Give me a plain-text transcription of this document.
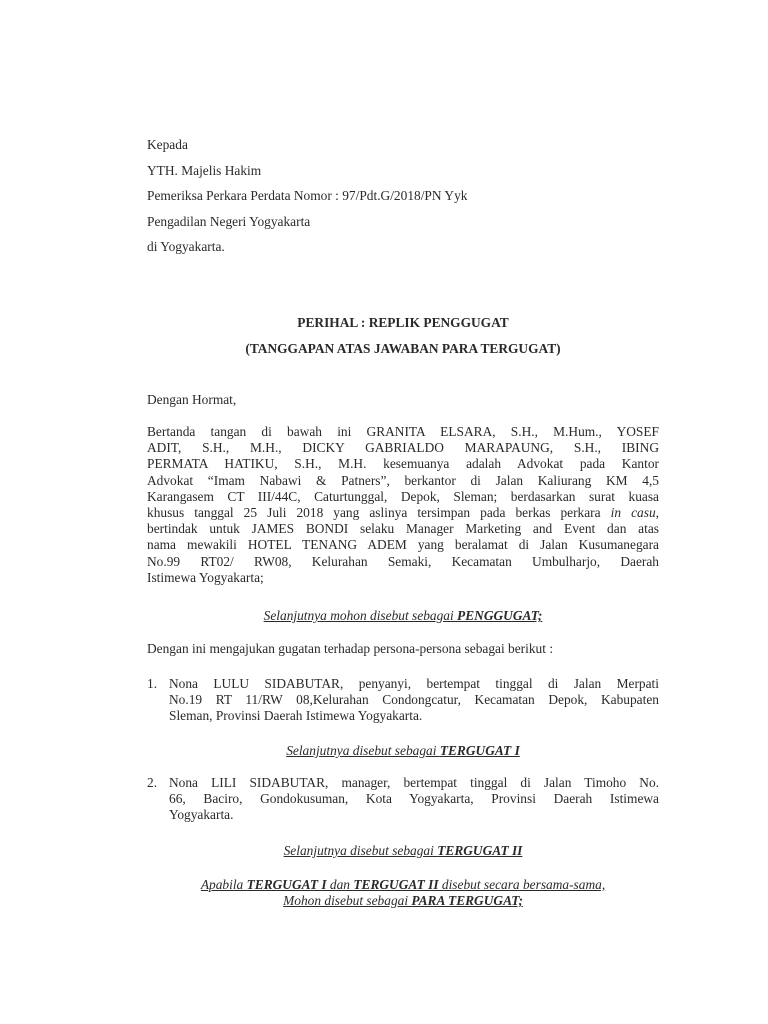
Kepada
YTH. Majelis Hakim
Pemeriksa Perkara Perdata Nomor : 97/Pdt.G/2018/PN Yyk
Pengadilan Negeri Yogyakarta
di Yogyakarta.
PERIHAL : REPLIK PENGGUGAT
(TANGGAPAN ATAS JAWABAN PARA TERGUGAT)
Dengan Hormat,
Bertanda tangan di bawah ini GRANITA ELSARA, S.H., M.Hum., YOSEF
ADIT, S.H., M.H., DICKY GABRIALDO MARAPAUNG, S.H., IBING
PERMATA HATIKU, S.H., M.H. kesemuanya adalah Advokat pada Kantor
Advokat “Imam Nabawi & Patners”, berkantor di Jalan Kaliurang KM 4,5
Karangasem CT III/44C, Caturtunggal, Depok, Sleman; berdasarkan surat kuasa
khusus tanggal 25 Juli 2018 yang aslinya tersimpan pada berkas perkara in casu,
bertindak untuk JAMES BONDI selaku Manager Marketing and Event dan atas
nama mewakili HOTEL TENANG ADEM yang beralamat di Jalan Kusumanegara
No.99 RT02/ RW08, Kelurahan Semaki, Kecamatan Umbulharjo, Daerah
Istimewa Yogyakarta;
Selanjutnya mohon disebut sebagai PENGGUGAT;
Dengan ini mengajukan gugatan terhadap persona-persona sebagai berikut :
1. Nona LULU SIDABUTAR, penyanyi, bertempat tinggal di Jalan Merpati
No.19 RT 11/RW 08,Kelurahan Condongcatur, Kecamatan Depok, Kabupaten
Sleman, Provinsi Daerah Istimewa Yogyakarta.
Selanjutnya disebut sebagai TERGUGAT I
2. Nona LILI SIDABUTAR, manager, bertempat tinggal di Jalan Timoho No.
66, Baciro, Gondokusuman, Kota Yogyakarta, Provinsi Daerah Istimewa
Yogyakarta.
Selanjutnya disebut sebagai TERGUGAT II
Apabila TERGUGAT I dan TERGUGAT II disebut secara bersama-sama,
Mohon disebut sebagai PARA TERGUGAT;
